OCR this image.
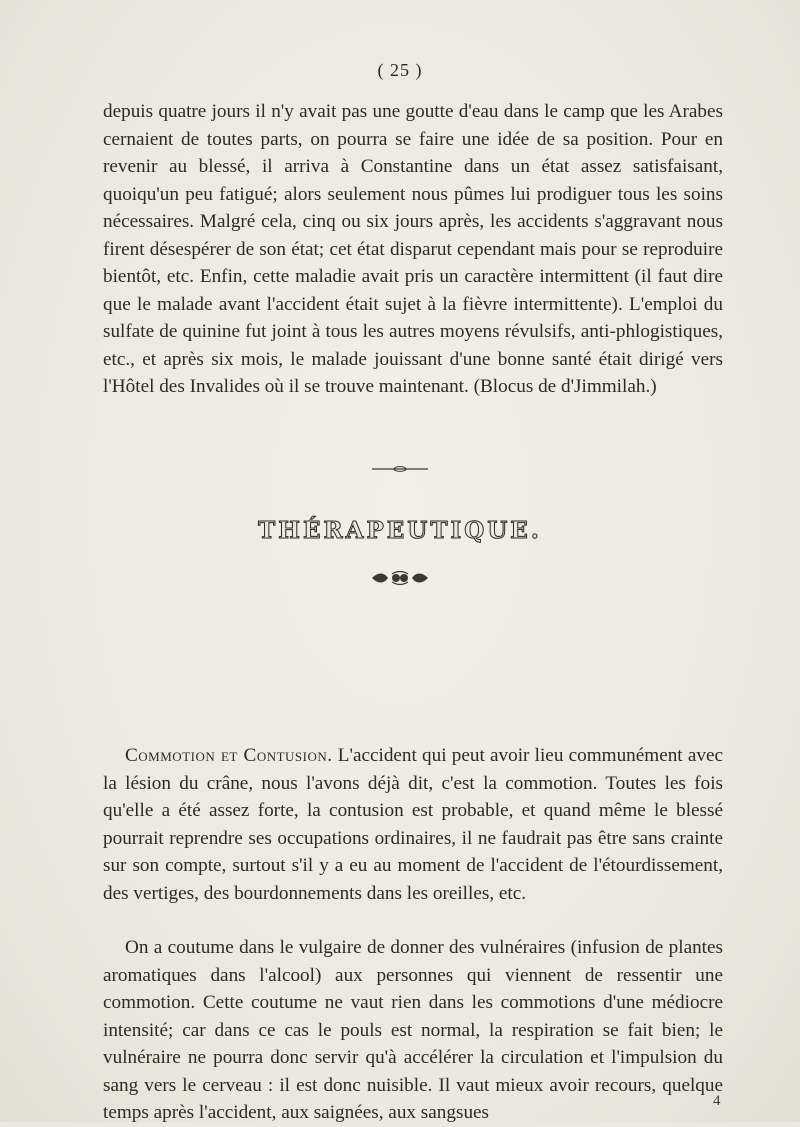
( 25 )

depuis quatre jours il n'y avait pas une goutte d'eau dans le camp que les Arabes cernaient de toutes parts, on pourra se faire une idée de sa position. Pour en revenir au blessé, il arriva à Constantine dans un état assez satisfaisant, quoiqu'un peu fatigué; alors seulement nous pûmes lui prodiguer tous les soins nécessaires. Malgré cela, cinq ou six jours après, les accidents s'aggravant nous firent désespérer de son état; cet état disparut cependant mais pour se reproduire bientôt, etc. Enfin, cette maladie avait pris un caractère intermittent (il faut dire que le malade avant l'accident était sujet à la fièvre intermittente). L'emploi du sulfate de quinine fut joint à tous les autres moyens révulsifs, anti-phlogistiques, etc., et après six mois, le malade jouissant d'une bonne santé était dirigé vers l'Hôtel des Invalides où il se trouve maintenant. (Blocus de d'Jimmilah.)

THÉRAPEUTIQUE.

Commotion et Contusion. L'accident qui peut avoir lieu communément avec la lésion du crâne, nous l'avons déjà dit, c'est la commotion. Toutes les fois qu'elle a été assez forte, la contusion est probable, et quand même le blessé pourrait reprendre ses occupations ordinaires, il ne faudrait pas être sans crainte sur son compte, surtout s'il y a eu au moment de l'accident de l'étourdissement, des vertiges, des bourdonnements dans les oreilles, etc.

On a coutume dans le vulgaire de donner des vulnéraires (infusion de plantes aromatiques dans l'alcool) aux personnes qui viennent de ressentir une commotion. Cette coutume ne vaut rien dans les commotions d'une médiocre intensité; car dans ce cas le pouls est normal, la respiration se fait bien; le vulnéraire ne pourra donc servir qu'à accélérer la circulation et l'impulsion du sang vers le cerveau : il est donc nuisible. Il vaut mieux avoir recours, quelque temps après l'accident, aux saignées, aux sangsues

4
